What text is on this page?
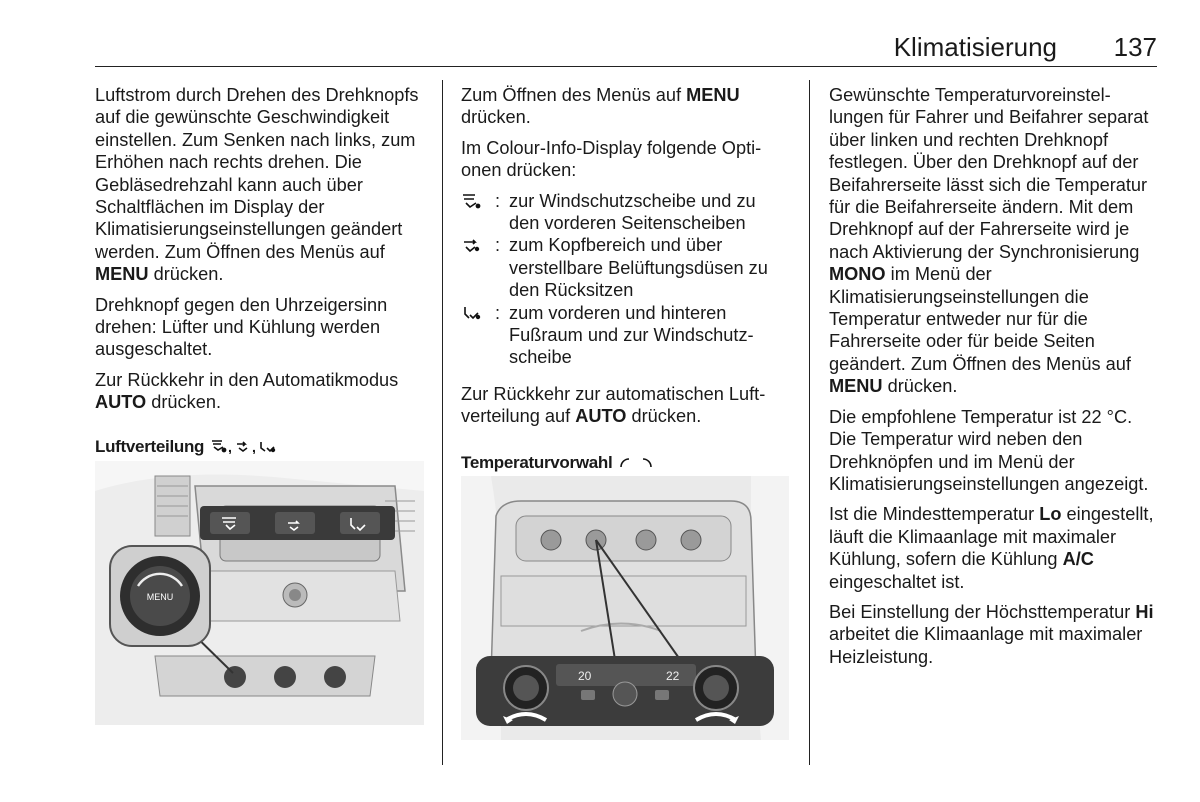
Klimatisierung 137

Luftstrom durch Drehen des Drehknopfs auf die gewünschte Geschwindigkeit einstellen. Zum Senken nach links, zum Erhöhen nach rechts drehen. Die Gebläsedrehzahl kann auch über Schaltflächen im Display der Klimatisierungseinstellungen geändert werden. Zum Öffnen des Menüs auf MENU drücken.

Drehknopf gegen den Uhrzeigersinn drehen: Lüfter und Kühlung werden ausgeschaltet.

Zur Rückkehr in den Automatikmodus AUTO drücken.

Luftverteilung , ,
MENU

Zum Öffnen des Menüs auf MENU drücken.

Im Colour-Info-Display folgende Optionen drücken:

: zur Windschutzscheibe und zu den vorderen Seitenscheiben
: zum Kopfbereich und über verstellbare Belüftungsdüsen zu den Rücksitzen
: zum vorderen und hinteren Fußraum und zur Windschutzscheibe

Zur Rückkehr zur automatischen Luftverteilung auf AUTO drücken.

Temperaturvorwahl
20	22

Gewünschte Temperaturvoreinstellungen für Fahrer und Beifahrer separat über linken und rechten Drehknopf festlegen. Über den Drehknopf auf der Beifahrerseite lässt sich die Temperatur für die Beifahrerseite ändern. Mit dem Drehknopf auf der Fahrerseite wird je nach Aktivierung der Synchronisierung MONO im Menü der Klimatisierungseinstellungen die Temperatur entweder nur für die Fahrerseite oder für beide Seiten geändert. Zum Öffnen des Menüs auf MENU drücken.

Die empfohlene Temperatur ist 22 °C. Die Temperatur wird neben den Drehknöpfen und im Menü der Klimatisierungseinstellungen angezeigt.

Ist die Mindesttemperatur Lo eingestellt, läuft die Klimaanlage mit maximaler Kühlung, sofern die Kühlung A/C eingeschaltet ist.

Bei Einstellung der Höchsttemperatur Hi arbeitet die Klimaanlage mit maximaler Heizleistung.
